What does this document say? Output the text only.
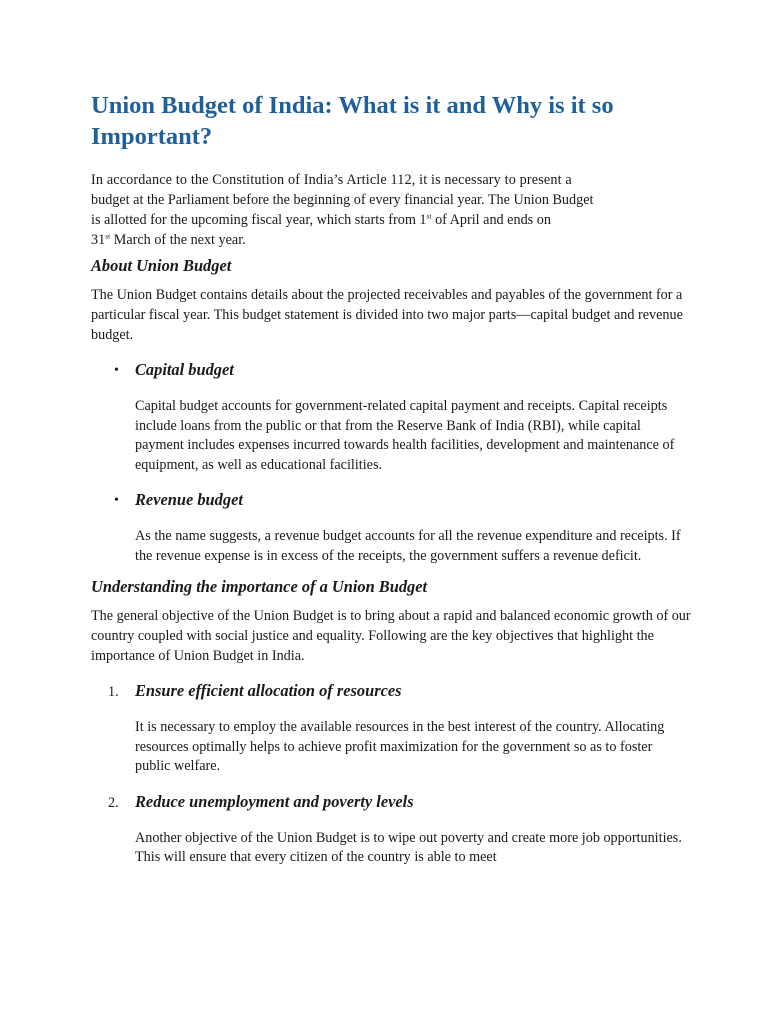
Union Budget of India: What is it and Why is it so Important?
In accordance to the Constitution of India’s Article 112, it is necessary to present a
budget at the Parliament before the beginning of every financial year. The Union Budget
is allotted for the upcoming fiscal year, which starts from 1st of April and ends on
31st March of the next year.
About Union Budget

The Union Budget contains details about the projected receivables and payables of the government for a particular fiscal year. This budget statement is divided into two major parts—capital budget and revenue budget.

• Capital budget

Capital budget accounts for government-related capital payment and receipts. Capital receipts include loans from the public or that from the Reserve Bank of India (RBI), while capital payment includes expenses incurred towards health facilities, development and maintenance of equipment, as well as educational facilities.

• Revenue budget

As the name suggests, a revenue budget accounts for all the revenue expenditure and receipts. If the revenue expense is in excess of the receipts, the government suffers a revenue deficit.

Understanding the importance of a Union Budget

The general objective of the Union Budget is to bring about a rapid and balanced economic growth of our country coupled with social justice and equality. Following are the key objectives that highlight the importance of Union Budget in India.

1. Ensure efficient allocation of resources

It is necessary to employ the available resources in the best interest of the country. Allocating resources optimally helps to achieve profit maximization for the government so as to foster public welfare.

2. Reduce unemployment and poverty levels

Another objective of the Union Budget is to wipe out poverty and create more job opportunities. This will ensure that every citizen of the country is able to meet
